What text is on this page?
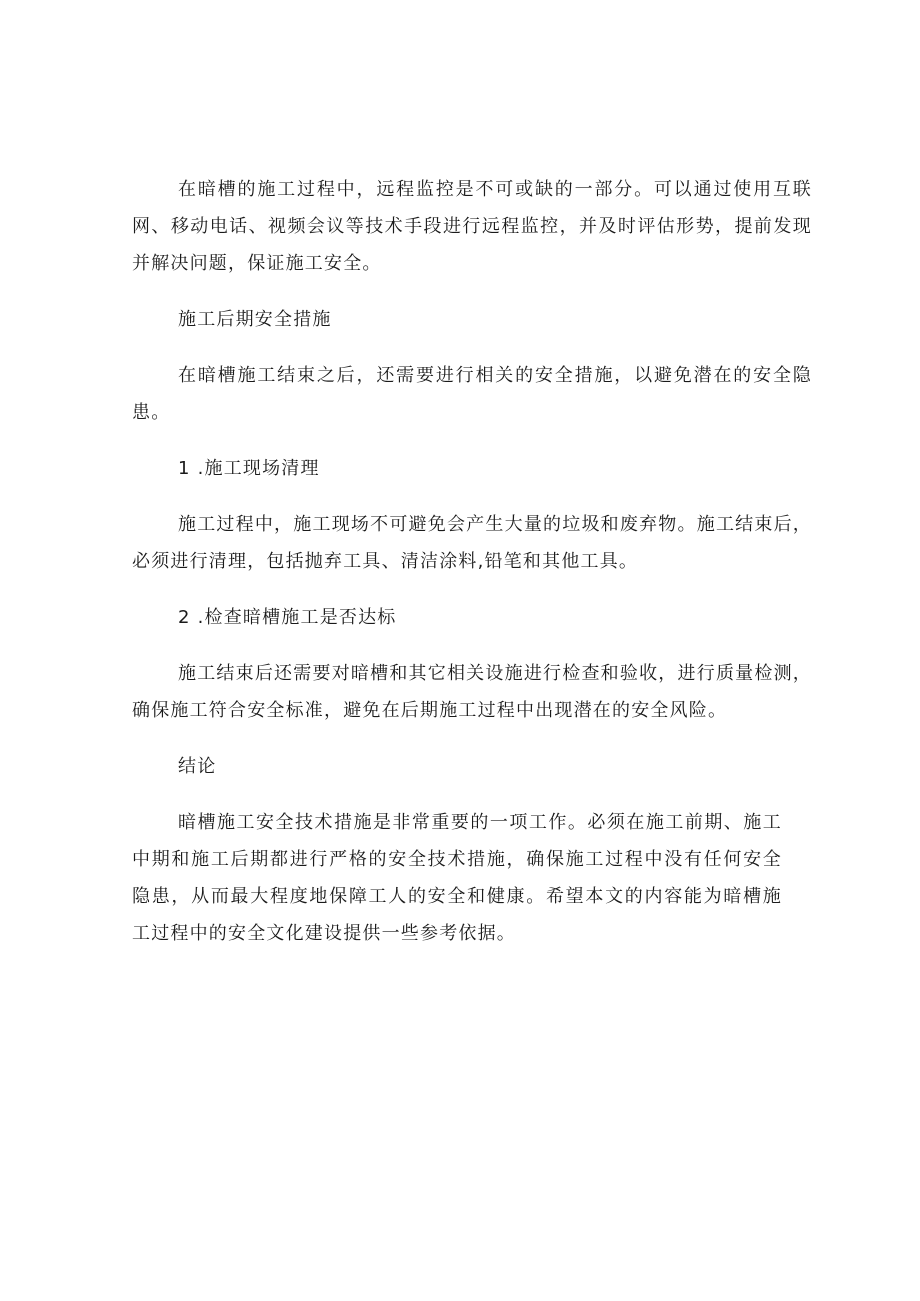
在暗槽的施工过程中，远程监控是不可或缺的一部分。可以通过使用互联网、移动电话、视频会议等技术手段进行远程监控，并及时评估形势，提前发现并解决问题，保证施工安全。

施工后期安全措施

在暗槽施工结束之后，还需要进行相关的安全措施，以避免潜在的安全隐患。

1 .施工现场清理

施工过程中，施工现场不可避免会产生大量的垃圾和废弃物。施工结束后，必须进行清理，包括抛弃工具、清洁涂料,铅笔和其他工具。

2 .检查暗槽施工是否达标

施工结束后还需要对暗槽和其它相关设施进行检查和验收，进行质量检测，确保施工符合安全标准，避免在后期施工过程中出现潜在的安全风险。

结论

暗槽施工安全技术措施是非常重要的一项工作。必须在施工前期、施工中期和施工后期都进行严格的安全技术措施，确保施工过程中没有任何安全隐患，从而最大程度地保障工人的安全和健康。希望本文的内容能为暗槽施工过程中的安全文化建设提供一些参考依据。
